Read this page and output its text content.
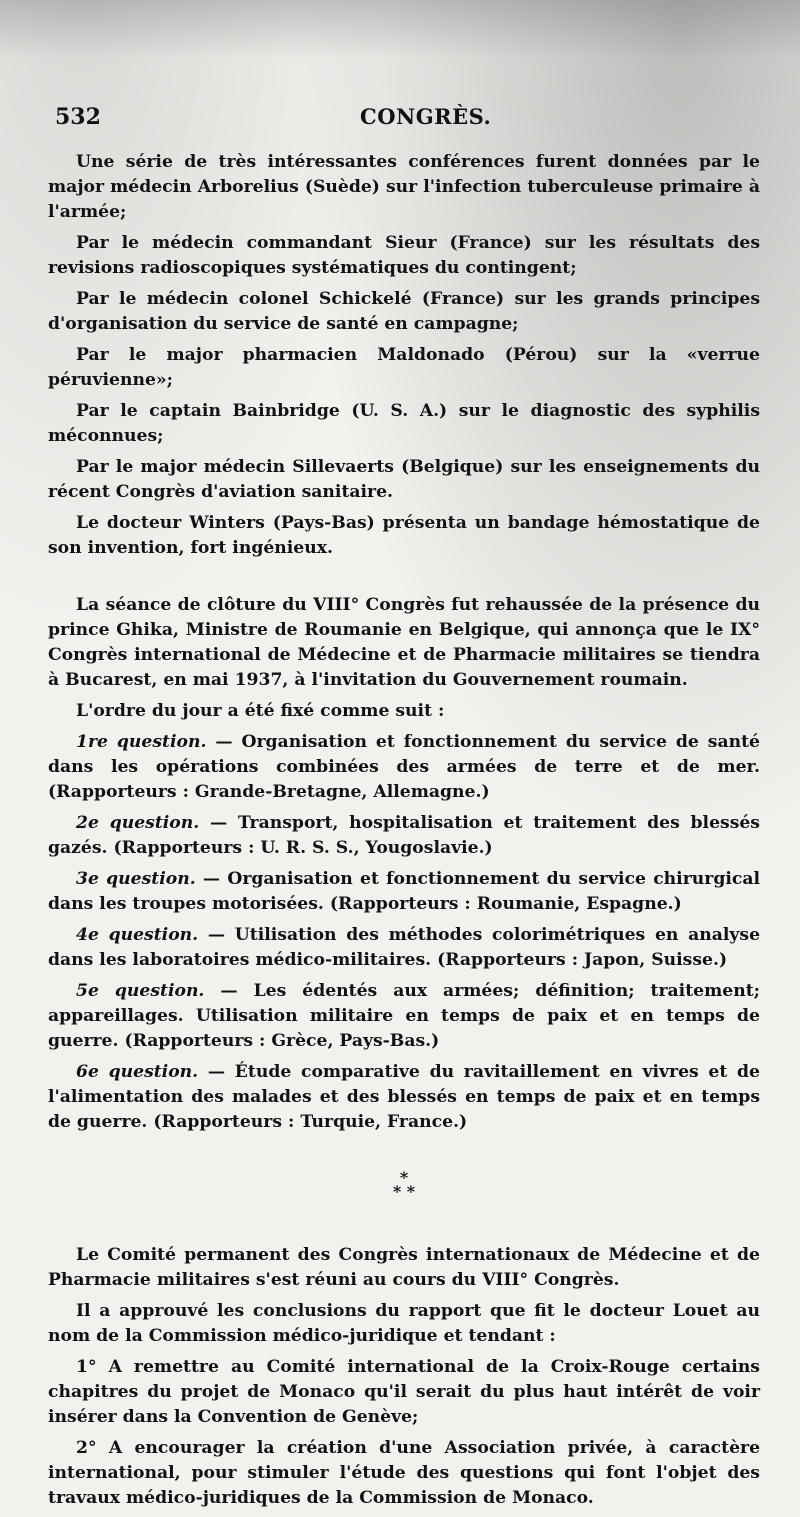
532	CONGRÈS.

Une série de très intéressantes conférences furent données par le major médecin Arborelius (Suède) sur l'infection tuberculeuse primaire à l'armée;

Par le médecin commandant Sieur (France) sur les résultats des revisions radioscopiques systématiques du contingent;

Par le médecin colonel Schickelé (France) sur les grands principes d'organisation du service de santé en campagne;

Par le major pharmacien Maldonado (Pérou) sur la «verrue péruvienne»;

Par le captain Bainbridge (U. S. A.) sur le diagnostic des syphilis méconnues;

Par le major médecin Sillevaerts (Belgique) sur les enseignements du récent Congrès d'aviation sanitaire.

Le docteur Winters (Pays-Bas) présenta un bandage hémostatique de son invention, fort ingénieux.

La séance de clôture du VIII° Congrès fut rehaussée de la présence du prince Ghika, Ministre de Roumanie en Belgique, qui annonça que le IX° Congrès international de Médecine et de Pharmacie militaires se tiendra à Bucarest, en mai 1937, à l'invitation du Gouvernement roumain.

L'ordre du jour a été fixé comme suit :

1re question. — Organisation et fonctionnement du service de santé dans les opérations combinées des armées de terre et de mer. (Rapporteurs : Grande-Bretagne, Allemagne.)

2e question. — Transport, hospitalisation et traitement des blessés gazés. (Rapporteurs : U. R. S. S., Yougoslavie.)

3e question. — Organisation et fonctionnement du service chirurgical dans les troupes motorisées. (Rapporteurs : Roumanie, Espagne.)

4e question. — Utilisation des méthodes colorimétriques en analyse dans les laboratoires médico-militaires. (Rapporteurs : Japon, Suisse.)

5e question. — Les édentés aux armées; définition; traitement; appareillages. Utilisation militaire en temps de paix et en temps de guerre. (Rapporteurs : Grèce, Pays-Bas.)

6e question. — Étude comparative du ravitaillement en vivres et de l'alimentation des malades et des blessés en temps de paix et en temps de guerre. (Rapporteurs : Turquie, France.)

*
* *

Le Comité permanent des Congrès internationaux de Médecine et de Pharmacie militaires s'est réuni au cours du VIII° Congrès.

Il a approuvé les conclusions du rapport que fit le docteur Louet au nom de la Commission médico-juridique et tendant :

1° A remettre au Comité international de la Croix-Rouge certains chapitres du projet de Monaco qu'il serait du plus haut intérêt de voir insérer dans la Convention de Genève;

2° A encourager la création d'une Association privée, à caractère international, pour stimuler l'étude des questions qui font l'objet des travaux médico-juridiques de la Commission de Monaco.
